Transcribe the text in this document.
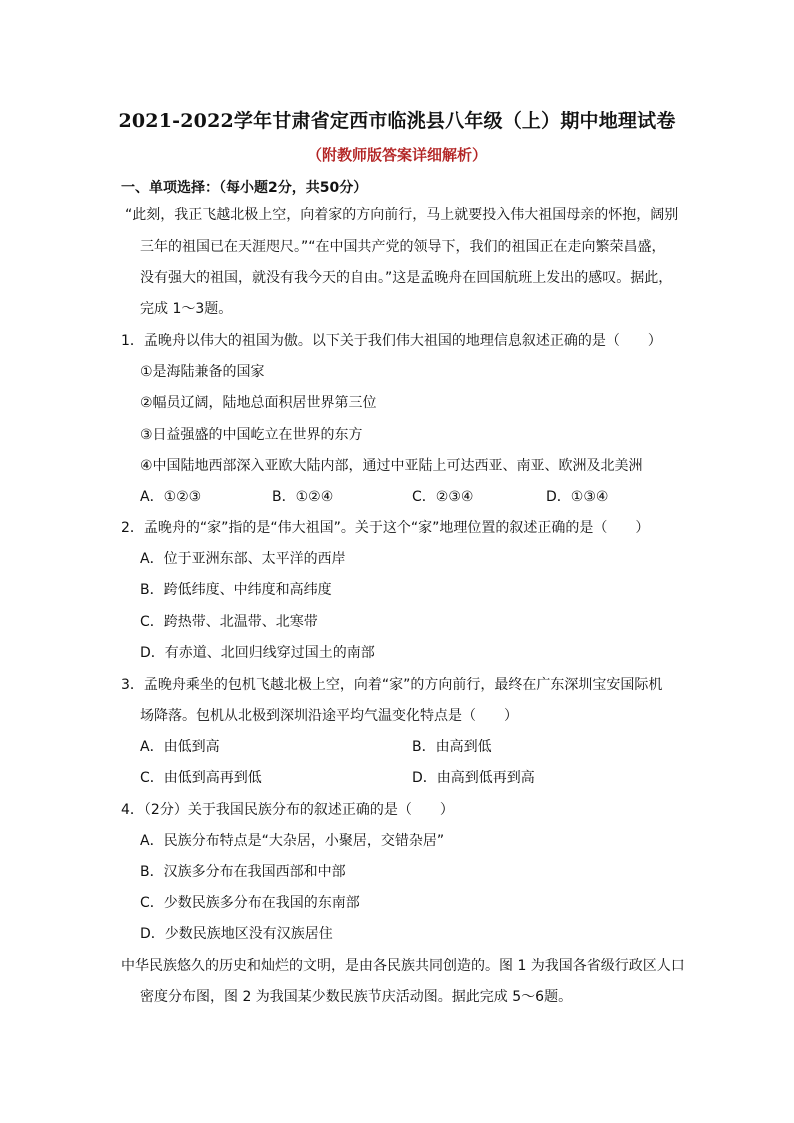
2021-2022学年甘肃省定西市临洮县八年级（上）期中地理试卷
（附教师版答案详细解析）
一、单项选择：（每小题2分，共50分）
“此刻，我正飞越北极上空，向着家的方向前行，马上就要投入伟大祖国母亲的怀抱，阔别
三年的祖国已在天涯咫尺。”“在中国共产党的领导下，我们的祖国正在走向繁荣昌盛，
没有强大的祖国，就没有我今天的自由。”这是孟晚舟在回国航班上发出的感叹。据此，
完成 1～3题。
1．孟晚舟以伟大的祖国为傲。以下关于我们伟大祖国的地理信息叙述正确的是（　　）
①是海陆兼备的国家
②幅员辽阔，陆地总面积居世界第三位
③日益强盛的中国屹立在世界的东方
④中国陆地西部深入亚欧大陆内部，通过中亚陆上可达西亚、南亚、欧洲及北美洲
A．①②③	B．①②④	C．②③④	D．①③④
2．孟晚舟的“家”指的是“伟大祖国”。关于这个“家”地理位置的叙述正确的是（　　）
A．位于亚洲东部、太平洋的西岸
B．跨低纬度、中纬度和高纬度
C．跨热带、北温带、北寒带
D．有赤道、北回归线穿过国土的南部
3．孟晚舟乘坐的包机飞越北极上空，向着“家”的方向前行，最终在广东深圳宝安国际机
场降落。包机从北极到深圳沿途平均气温变化特点是（　　）
A．由低到高	B．由高到低
C．由低到高再到低	D．由高到低再到高
4．（2分）关于我国民族分布的叙述正确的是（　　）
A．民族分布特点是“大杂居，小聚居，交错杂居”
B．汉族多分布在我国西部和中部
C．少数民族多分布在我国的东南部
D．少数民族地区没有汉族居住
中华民族悠久的历史和灿烂的文明，是由各民族共同创造的。图 1 为我国各省级行政区人口
密度分布图，图 2 为我国某少数民族节庆活动图。据此完成 5～6题。
